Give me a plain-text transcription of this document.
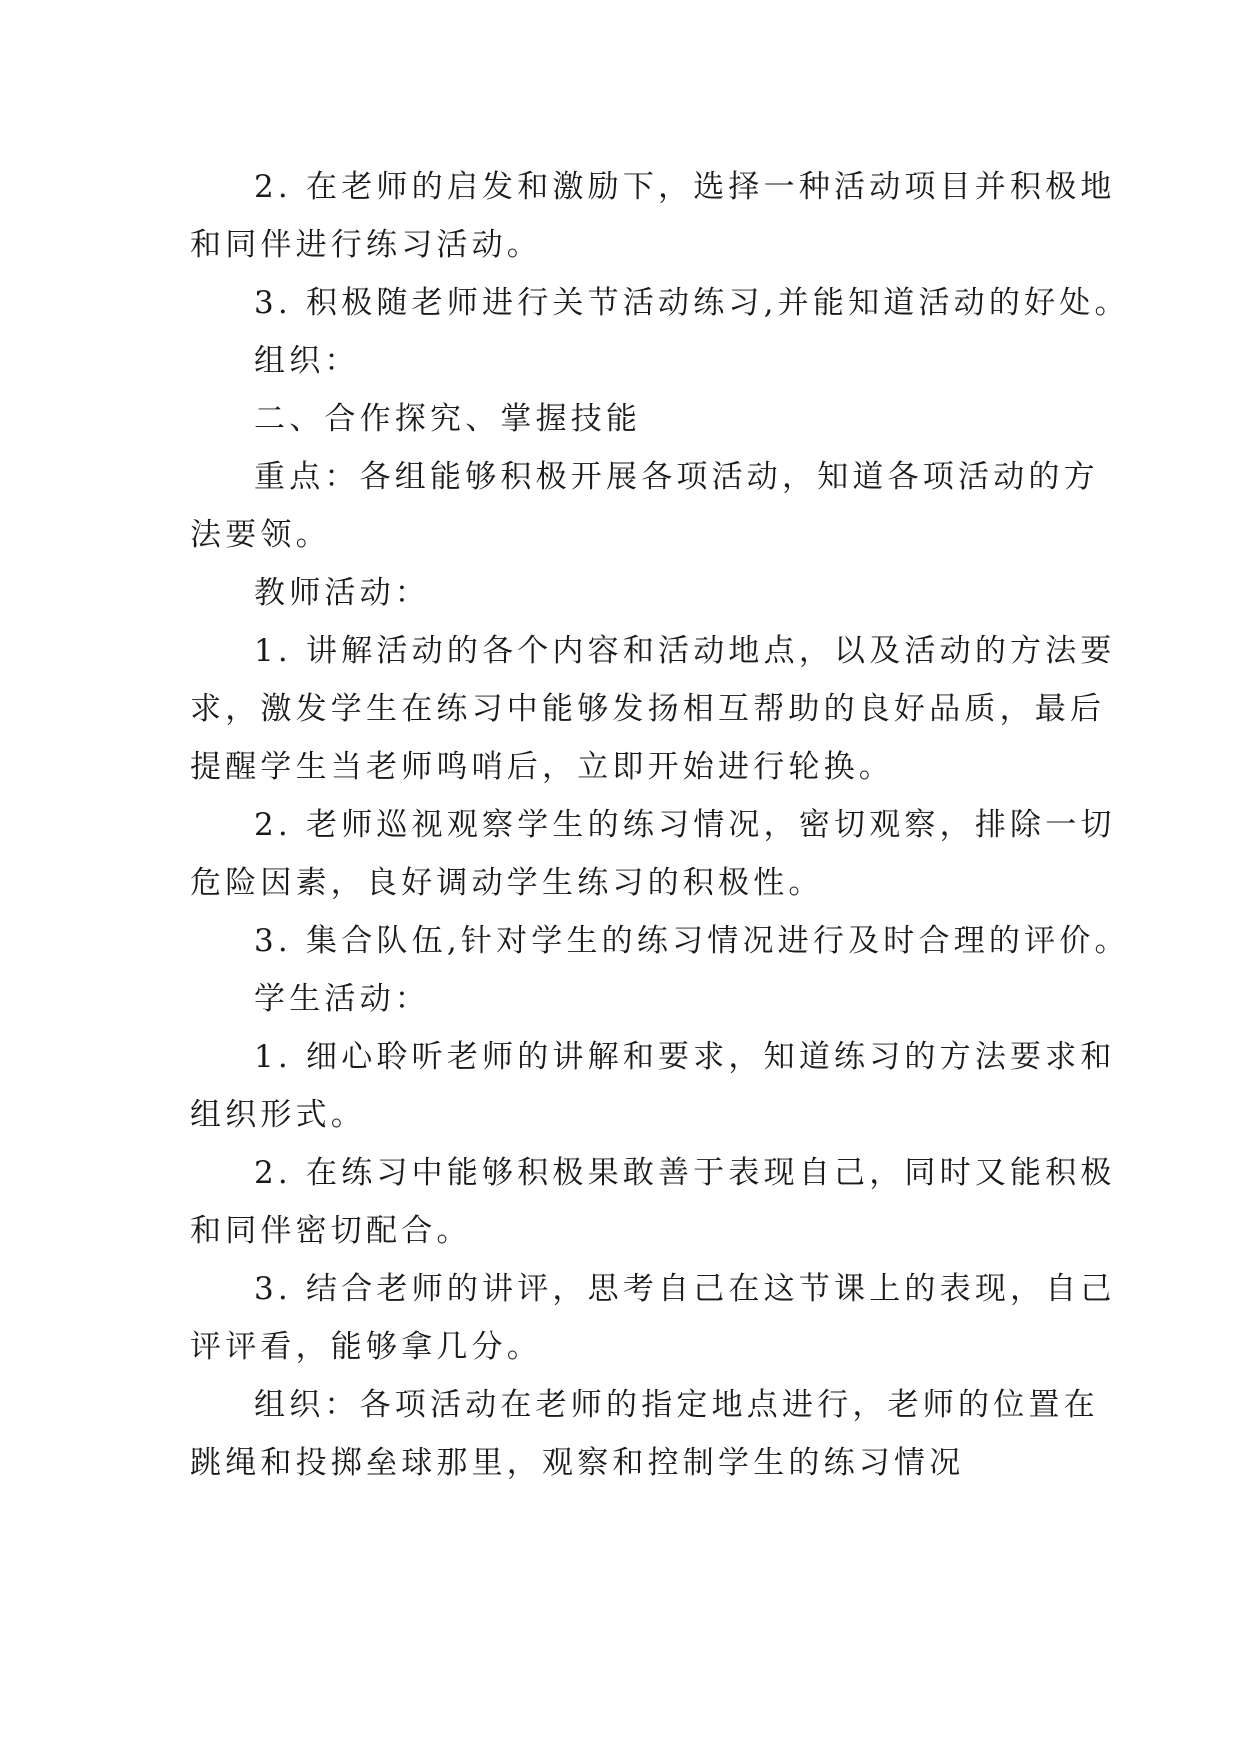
2. 在老师的启发和激励下，选择一种活动项目并积极地
和同伴进行练习活动。
3. 积极随老师进行关节活动练习,并能知道活动的好处。
组织：
二、合作探究、掌握技能
重点：各组能够积极开展各项活动，知道各项活动的方
法要领。
教师活动：
1. 讲解活动的各个内容和活动地点，以及活动的方法要
求，激发学生在练习中能够发扬相互帮助的良好品质，最后
提醒学生当老师鸣哨后，立即开始进行轮换。
2. 老师巡视观察学生的练习情况，密切观察，排除一切
危险因素，良好调动学生练习的积极性。
3. 集合队伍,针对学生的练习情况进行及时合理的评价。
学生活动：
1. 细心聆听老师的讲解和要求，知道练习的方法要求和
组织形式。
2. 在练习中能够积极果敢善于表现自己，同时又能积极
和同伴密切配合。
3. 结合老师的讲评，思考自己在这节课上的表现，自己
评评看，能够拿几分。
组织：各项活动在老师的指定地点进行，老师的位置在
跳绳和投掷垒球那里，观察和控制学生的练习情况
